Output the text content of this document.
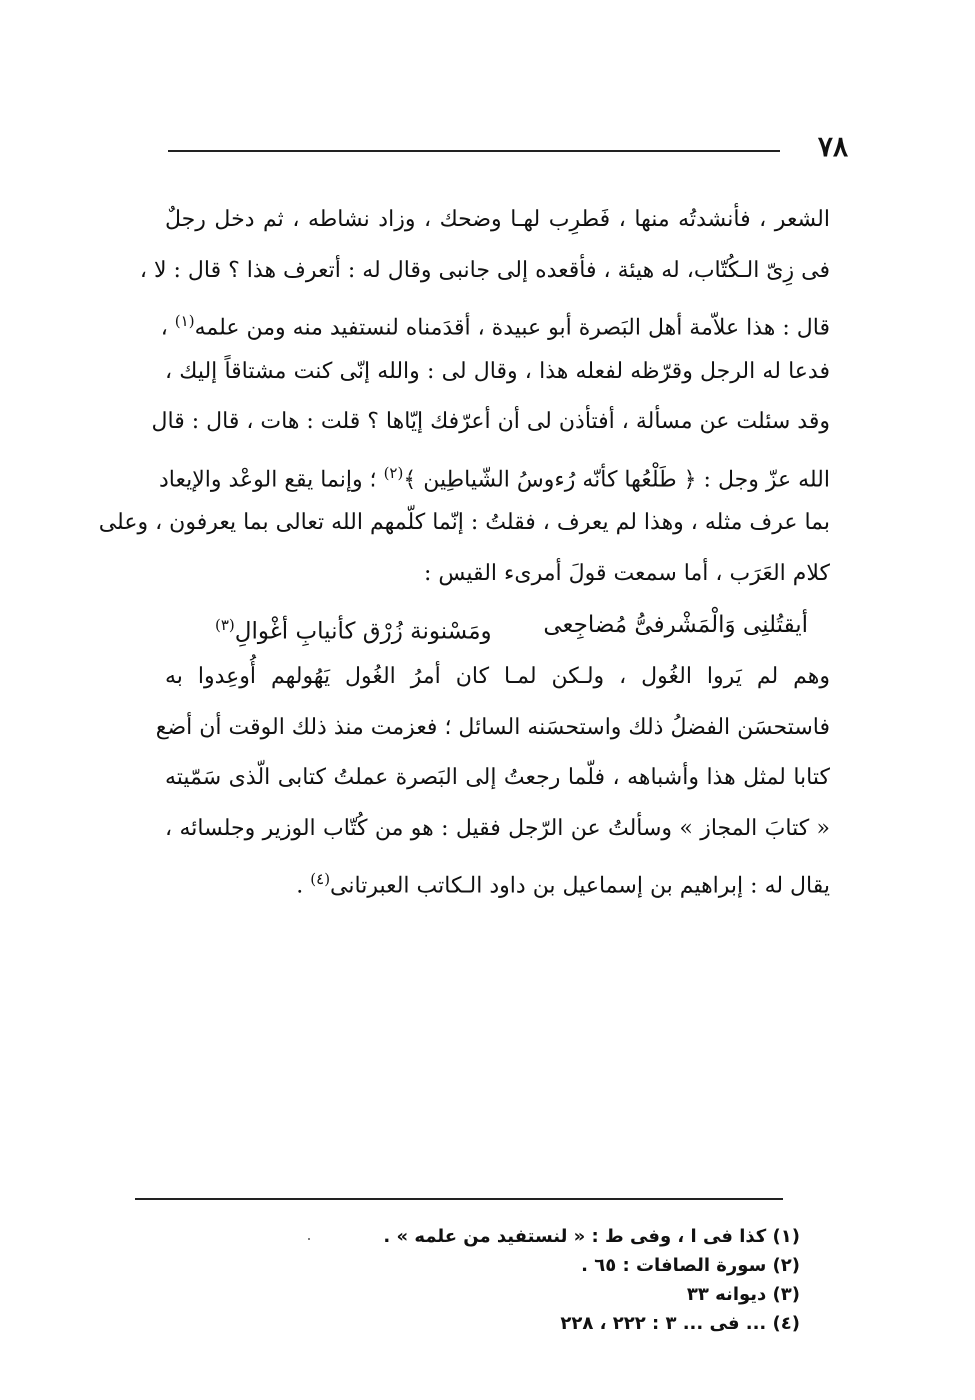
٧٨
الشعر ، فأنشدتُه منها ، فَطرِب لهـا وضحك ، وزاد نشاطه ، ثم دخل رجلٌ
فى زِىّ الـكُتّاب، له هيئة ، فأقعده إلى جانبى وقال له : أتعرف هذا ؟ قال : لا ،
قال : هذا علاّمة أهل البَصرة أبو عبيدة ، أقدَمناه لنستفيد منه ومن علمه$^{(١)}$ ،
فدعا له الرجل وقرّظه لفعله هذا ، وقال لى : والله إنّى كنت مشتاقاً إليك ،
وقد سئلت عن مسألة ، أفتأذن لى أن أعرّفك إيّاها ؟ قلت : هات ، قال : قال
الله عزّ وجل : ﴿ طَلْعُها كأنّه رُءوسُ الشّياطِين ﴾$^{(٢)}$ ؛ وإنما يقع الوعْد والإيعاد
بما عرف مثله ، وهذا لم يعرف ، فقلتُ : إنّما كلّمهم الله تعالى بما يعرفون ، وعلى
كلام العَرَب ، أما سمعت قولَ أمرىء القيس :
أيقتُلنِى وَالْمَشْرفىُّ مُضاجِعى
ومَسْنونة زُرْق كأنيابِ أغْوالِ$^{(٣)}$
وهم لم يَروا الغُول ، ولـكن لمـا كان أمرُ الغُول يَهُولهم أُوعِدوا به
فاستحسَن الفضلُ ذلك واستحسَنه السائل ؛ فعزمت منذ ذلك الوقت أن أضع
كتابا لمثل هذا وأشباهه ، فلّما رجعتُ إلى البَصرة عملتُ كتابى الّذى سَمّيته
« كتابَ المجاز » وسألتُ عن الرّجل فقيل : هو من كُتّاب الوزير وجلسائه ،
يقال له : إبراهيم بن إسماعيل بن داود الـكاتب العبرتانى$^{(٤)}$ .
(١) كذا فى ا ، وفى ط : « لنستفيد من علمه » .
(٢) سورة الصافات : ٦٥ .
(٣) ديوانه ٣٣
(٤) ... فى ... ٣ : ٢٢٢ ، ٢٢٨
